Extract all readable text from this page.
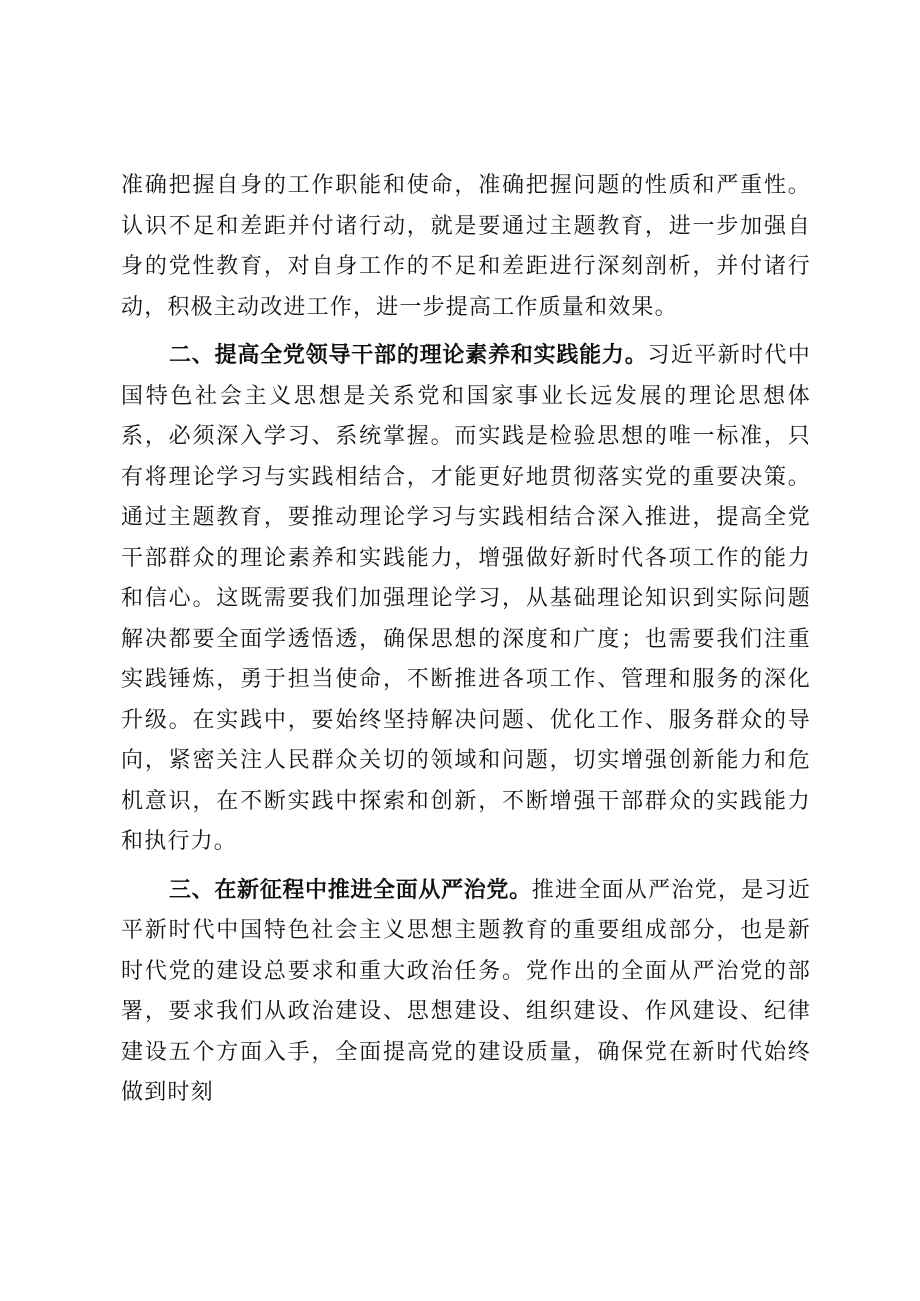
准确把握自身的工作职能和使命，准确把握问题的性质和严重性。认识不足和差距并付诸行动，就是要通过主题教育，进一步加强自身的党性教育，对自身工作的不足和差距进行深刻剖析，并付诸行动，积极主动改进工作，进一步提高工作质量和效果。

二、提高全党领导干部的理论素养和实践能力。习近平新时代中国特色社会主义思想是关系党和国家事业长远发展的理论思想体系，必须深入学习、系统掌握。而实践是检验思想的唯一标准，只有将理论学习与实践相结合，才能更好地贯彻落实党的重要决策。通过主题教育，要推动理论学习与实践相结合深入推进，提高全党干部群众的理论素养和实践能力，增强做好新时代各项工作的能力和信心。这既需要我们加强理论学习，从基础理论知识到实际问题解决都要全面学透悟透，确保思想的深度和广度；也需要我们注重实践锤炼，勇于担当使命，不断推进各项工作、管理和服务的深化升级。在实践中，要始终坚持解决问题、优化工作、服务群众的导向，紧密关注人民群众关切的领域和问题，切实增强创新能力和危机意识，在不断实践中探索和创新，不断增强干部群众的实践能力和执行力。

三、在新征程中推进全面从严治党。推进全面从严治党，是习近平新时代中国特色社会主义思想主题教育的重要组成部分，也是新时代党的建设总要求和重大政治任务。党作出的全面从严治党的部署，要求我们从政治建设、思想建设、组织建设、作风建设、纪律建设五个方面入手，全面提高党的建设质量，确保党在新时代始终做到时刻
